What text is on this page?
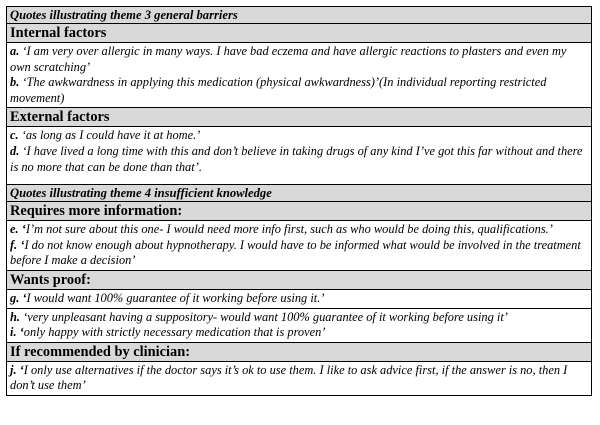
Quotes illustrating theme 3 general barriers
Internal factors
a. ‘I am very over allergic in many ways. I have bad eczema and have allergic reactions to plasters and even my own scratching’
b. ‘The awkwardness in applying this medication (physical awkwardness)’(In individual reporting restricted movement)
External factors
c. ‘as long as I could have it at home.’
d. ‘I have lived a long time with this and don’t believe in taking drugs of any kind I’ve got this far without and there is no more that can be done than that’.
Quotes illustrating theme 4 insufficient knowledge
Requires more information:
e. ‘I’m not sure about this one- I would need more info first, such as who would be doing this, qualifications.’
f. ‘I do not know enough about hypnotherapy. I would have to be informed what would be involved in the treatment before I make a decision’
Wants proof:
g. ‘I would want 100% guarantee of it working before using it.’
h. ‘very unpleasant having a suppository- would want 100% guarantee of it working before using it’
i. ‘only happy with strictly necessary medication that is proven’
If recommended by clinician:
j. ‘I only use alternatives if the doctor says it’s ok to use them. I like to ask advice first, if the answer is no, then I don’t use them’
